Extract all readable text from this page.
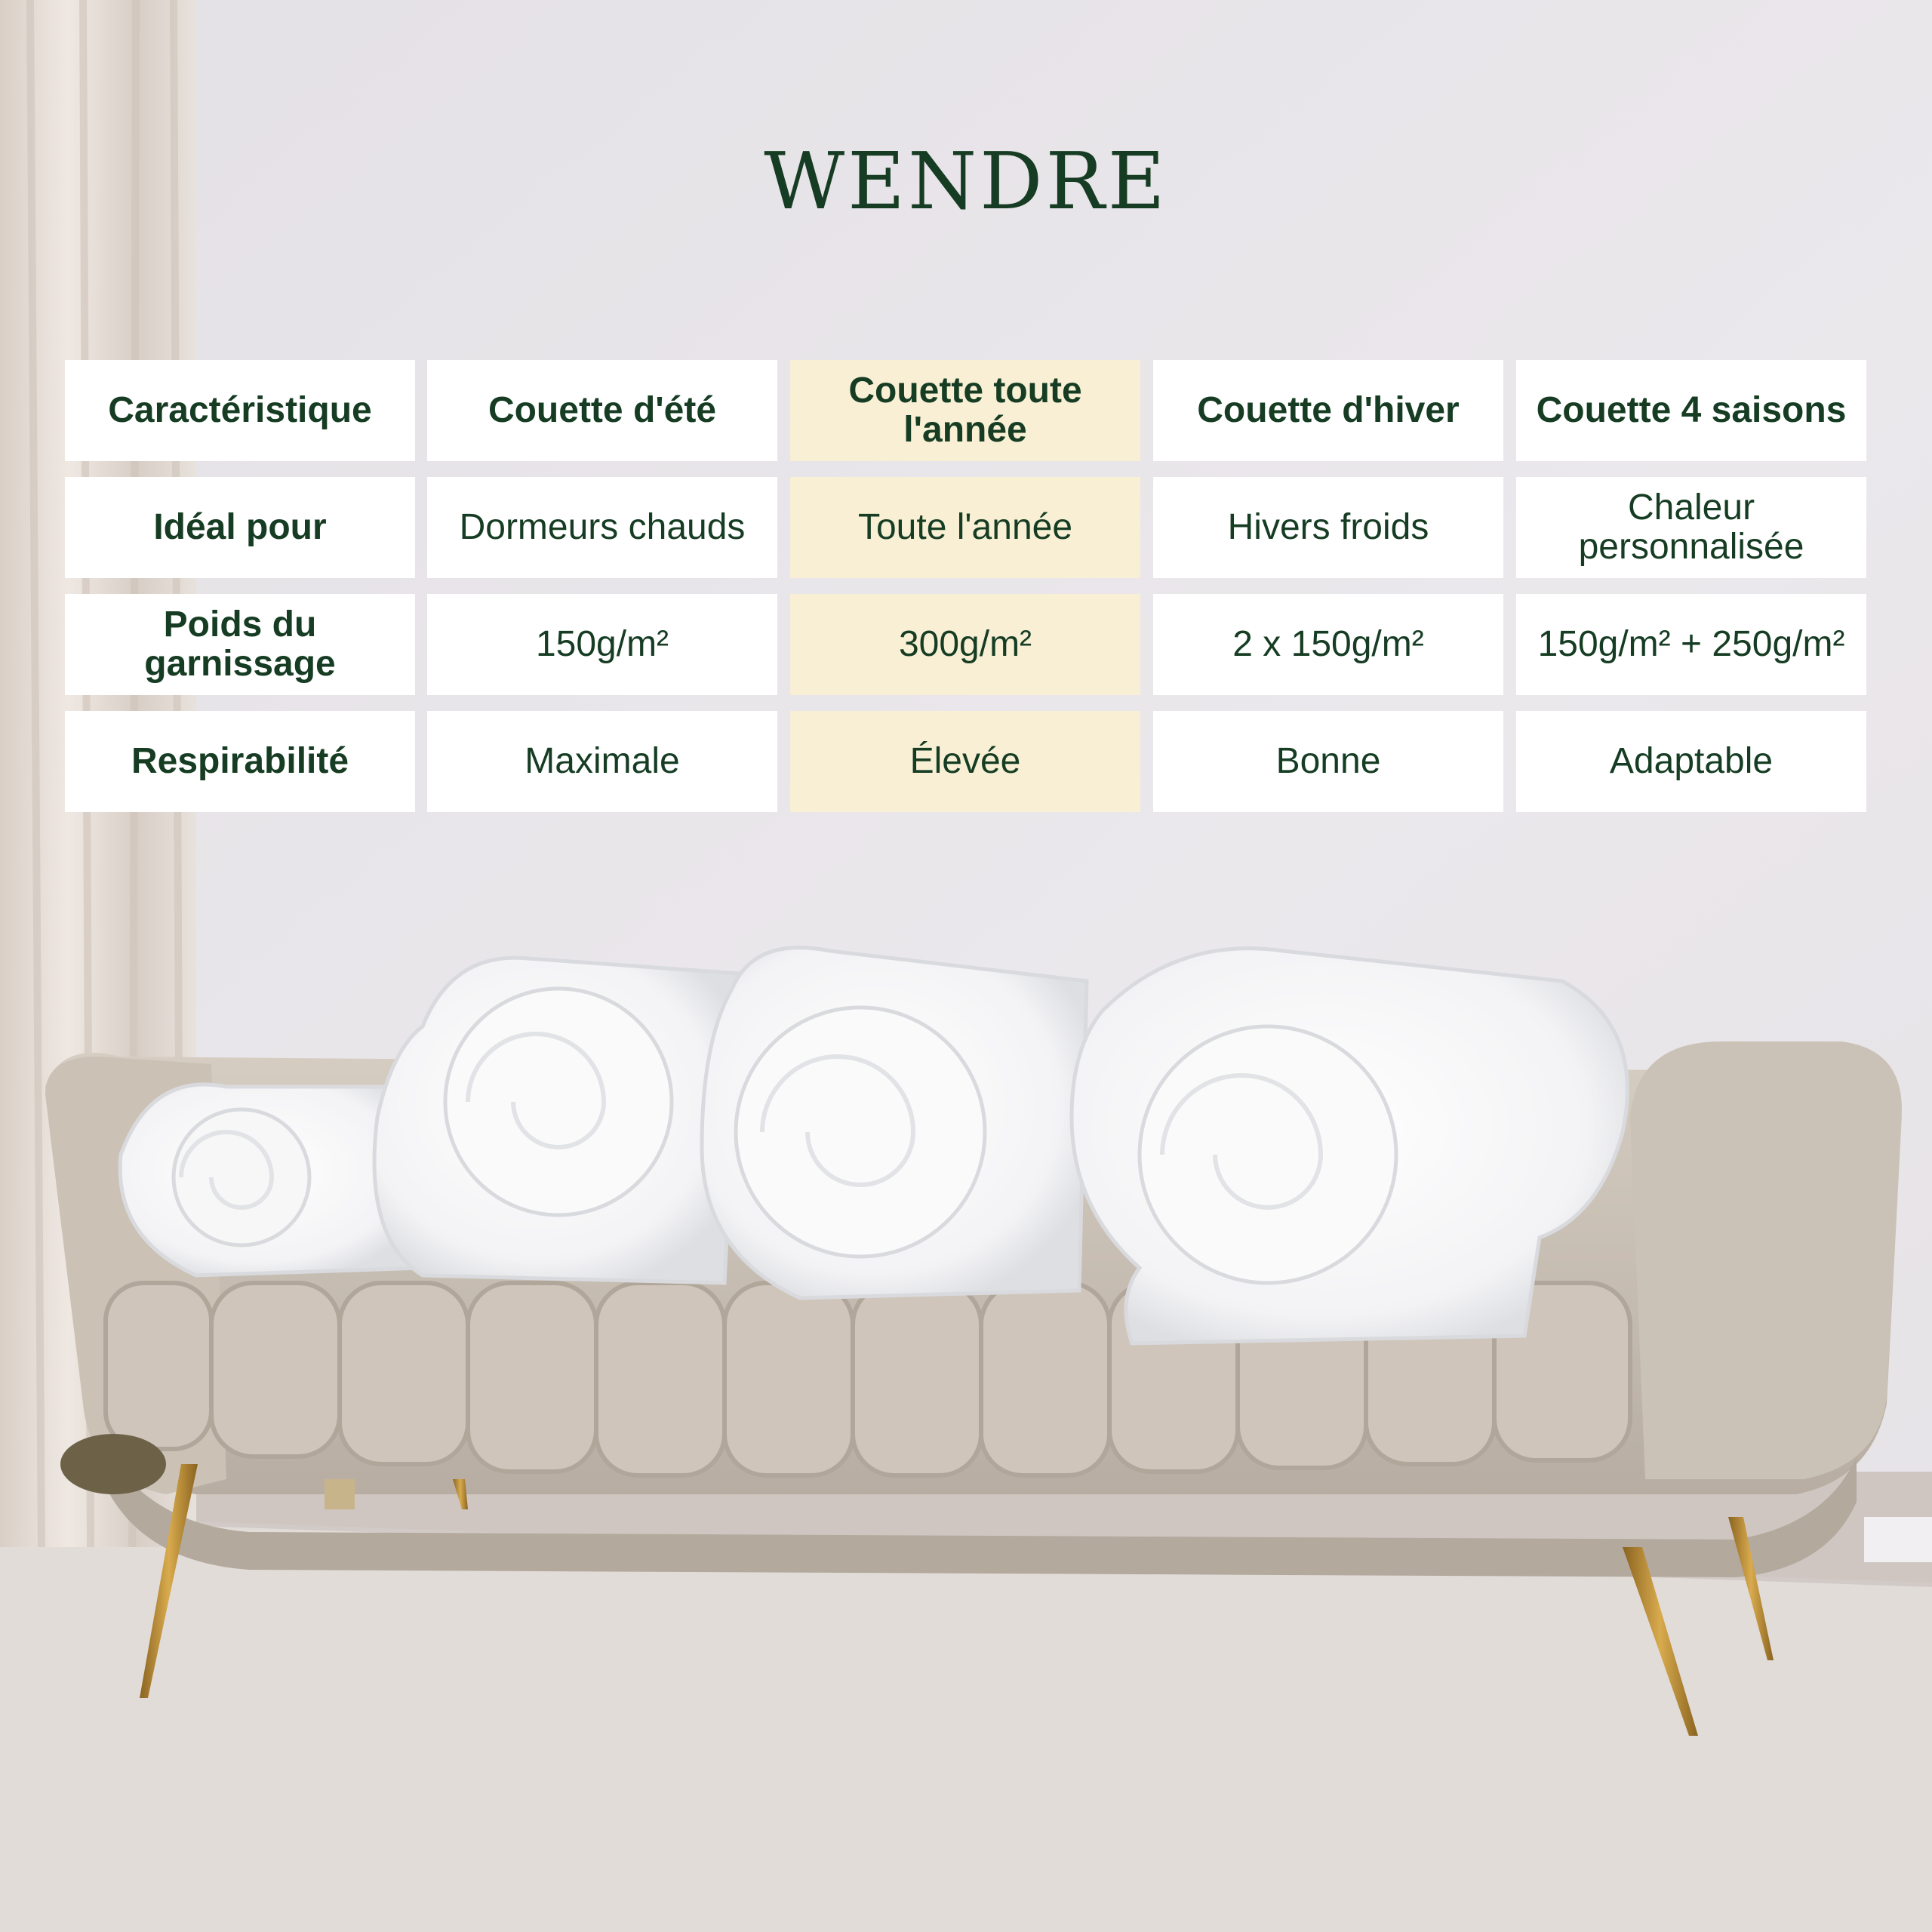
WENDRE
Caractéristique	Couette d'été	Couette toute l'année	Couette d'hiver	Couette 4 saisons
Idéal pour	Dormeurs chauds	Toute l'année	Hivers froids	Chaleur personnalisée
Poids du garnissage	150g/m²	300g/m²	2 x 150g/m²	150g/m² + 250g/m²
Respirabilité	Maximale	Élevée	Bonne	Adaptable
